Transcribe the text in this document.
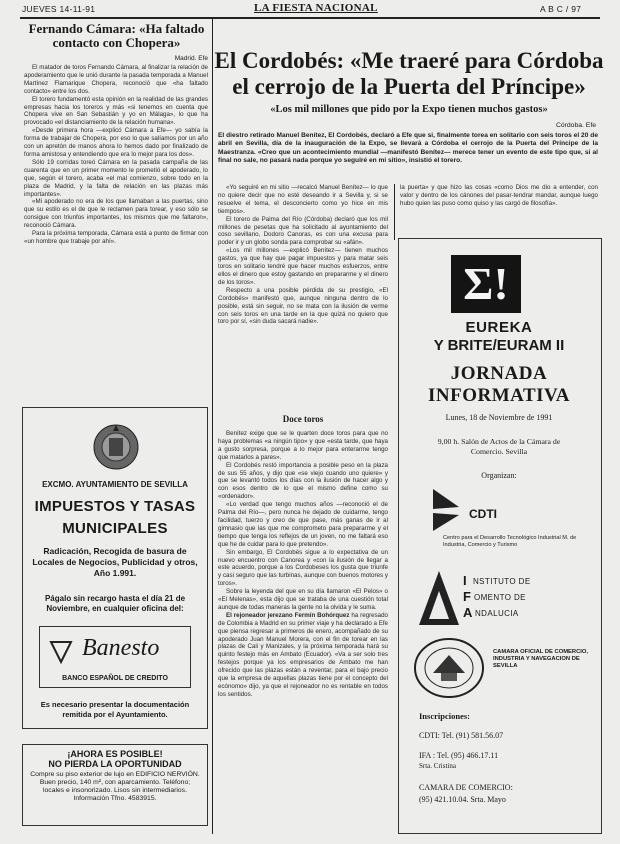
JUEVES 14-11-91	LA FIESTA NACIONAL	A B C / 97
Fernando Cámara: «Ha faltado contacto con Chopera»
Madrid. Efe

El matador de toros Fernando Cámara, al finalizar la relación de apoderamiento que le unió durante la pasada temporada a Manuel Martínez Flamarique Chopera, reconoció que «ha faltado contacto» entre los dos.

El torero fundamentó esta opinión en la realidad de las grandes empresas hacia los toreros y más «si tenemos en cuenta que Chopera vive en San Sebastián y yo en Málaga», lo que ha provocado «el distanciamiento de la relación humana».

«Desde primera hora —explicó Cámara a Efe— yo sabía la forma de trabajar de Chopera, por eso lo que salíamos por un año con un apretón de manos ahora lo hemos dado por finalizado de forma amistosa y entendiendo que era lo mejor para los dos».

Sólo 19 corridas toreó Cámara en la pasada campaña de las cuarenta que en un primer momento le prometió el apoderado, lo que, según el torero, acaba «el mal comienzo, sobre todo en la plaza de Madrid, y la falta de relación en las plazas más importantes».

«Mi apoderado no era de los que llamaban a las puertas, sino que su estilo es el de que le reclamen para torear, y eso sólo se consigue con triunfos importantes, los mismos que me faltaron», reconoció Cámara.

Para la próxima temporada, Cámara está a punto de firmar con «un hombre que trabaje por ahí».

EXCMO. AYUNTAMIENTO DE SEVILLA
IMPUESTOS Y TASAS
MUNICIPALES
Radicación, Recogida de basura de Locales de Negocios, Publicidad y otros, Año 1.991.
Págalo sin recargo hasta el día 21 de Noviembre, en cualquier oficina del:
Banesto
BANCO ESPAÑOL DE CREDITO
Es necesario presentar la documentación remitida por el Ayuntamiento.
¡AHORA ES POSIBLE!
NO PIERDA LA OPORTUNIDAD
Compre su piso exterior de lujo en EDIFICIO NERVIÓN. Buen precio, 140 m², con aparcamiento. Teléfono; locales e insonorizado. Lisos sin intermediarios. Información Tfno. 4583915.
El Cordobés: «Me traeré para Córdoba
el cerrojo de la Puerta del Príncipe»
«Los mil millones que pido por la Expo tienen muchos gastos»
Córdoba. Efe
El diestro retirado Manuel Benítez, El Cordobés, declaró a Efe que si, finalmente torea en solitario con seis toros el 20 de abril en Sevilla, día de la inauguración de la Expo, se llevará a Córdoba el cerrojo de la Puerta del Príncipe de la Maestranza. «Creo que un acontecimiento mundial —manifestó Benítez— merece tener un evento de este tipo que, si al final no sale, no pasará nada porque yo seguiré en mi sitio», insistió el torero.

«Yo seguiré en mi sitio —recalcó Manuel Benítez— lo que no quiere decir que no esté deseando ir a Sevilla y, si se resuelve el tema, el desconcierto como yo hice en mis tiempos».

El torero de Palma del Río (Córdoba) declaró que los mil millones de pesetas que ha solicitado al ayuntamiento del coso sevillano, Dodoro Canoras, es con una excusa para poder ir y un globo sonda para comprobar su «afán».

«Los mil millones —explicó Benítez— tienen muchos gastos, ya que hay que pagar impuestos y para matar seis toros en solitario tendré que hacer muchos esfuerzos, entre ellos el dinero que estoy gastando en prepararme y el dinero de los toros».

Respecto a una posible pérdida de su prestigio, «El Cordobés» manifestó que, aunque ninguna dentro de lo posible, está sin seguir, no se mata con la ilusión de verme con seis toros en una tarde en la que quizá no quiero que toro por sí, «sin duda sacará nadie».

Doce toros

Benítez exige que se le quarten doce toros para que no haya problemas «a ningún tipo» y que «esta tarde, que haya a gusto sorpresa, porque a lo mejor para enterarme tengo que matarlos a pares».

El Cordobés restó importancia a posible peso en la plaza de sus 55 años, y dijo que «se viejo cuando uno quiere» y que se levantó todos los días con la ilusión de hacer algo y con esos dentro de lo que el mismo define como su «ordenador».

«Lo verdad que tengo muchos años —reconoció el de Palma del Río—, pero nunca he dejado de cuidarme, tengo facilidad, tuerzo y creo de que pase, más ganas de ir al gimnasio que las que me comprometo para prepararme y el tiempo que tenga los reflejos de un joven, no me faltará eso que he de cuidar para lo que pretendo».

Sin embargo, El Cordobés sigue a lo expectativa de un nuevo encuentro con Canorea y «con la ilusión de llegar a este acuerdo, porque a los Cordobeses los gusta que triunfe y casi seguro que las turbinas, aunque con buenos motores y toros».

Sobre la leyenda del que en su día llamaron «El Pelos» o «El Melenas», esta dijo que se trataba de una cuestión total aunque de todas maneras la gente no la olvida y le suma.

El rejoneador jerezano Fermín Bohórquez ha regresado de Colombia a Madrid en su primer viaje y ha declarado a Efe que piensa regresar a primeros de enero, acompañado de su apoderado Juan Manuel Morera, con el fin de torear en las plazas de Cali y Manizales, y la próxima temporada hará su quinto festejo más en Ambato (Ecuador). «Va a ser solo tres festejos porque ya los empresarios de Ambato me han ofrecido que las plazas están a reventar, para el bajo precio que la empresa de aquellas plazas tiene por el concepto del ecónomo» dijo, ya que el rejoneador no es rentable en todos los sentidos.

la puerta» y que hizo las cosas «como Dios me dio a entender, con valor y dentro de los cánones del pasar-tendrar mandar, aunque luego hubo quien las puso como quiso y las cargó de filosofía».
Σ!
EUREKA
Y BRITE/EURAM II
JORNADA
INFORMATIVA
Lunes, 18 de Noviembre de 1991
9,00 h. Salón de Actos de la Cámara de Comercio. Sevilla
Organizan:
CDTI
Centro para el Desarrollo Tecnológico Industrial M. de Industria, Comercio y Turismo
I NSTITUTO DE
F OMENTO DE
A NDALUCIA
CAMARA OFICIAL DE COMERCIO, INDUSTRIA Y NAVEGACION DE SEVILLA
Inscripciones:
CDTI: Tel. (91) 581.56.07
IFA : Tel. (95) 466.17.11
Srta. Cristina
CAMARA DE COMERCIO:
(95) 421.10.04. Srta. Mayo
